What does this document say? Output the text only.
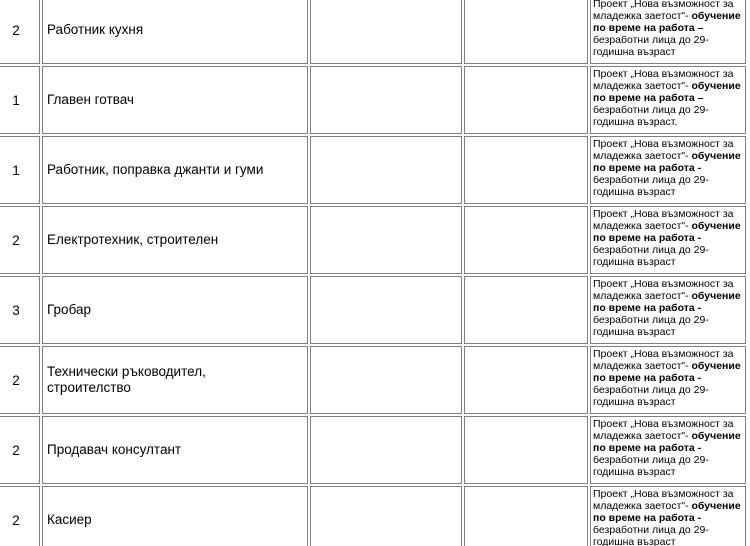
2	Работник кухня			Проект „Нова възможност за младежка заетост"- обучение по време на работа – безработни лица до 29-годишна възраст
1	Главен готвач			Проект „Нова възможност за младежка заетост"- обучение по време на работа – безработни лица до 29-годишна възраст.
1	Работник, поправка джанти и гуми			Проект „Нова възможност за младежка заетост"- обучение по време на работа - безработни лица до 29-годишна възраст
2	Електротехник, строителен			Проект „Нова възможност за младежка заетост"- обучение по време на работа - безработни лица до 29-годишна възраст
3	Гробар			Проект „Нова възможност за младежка заетост"- обучение по време на работа - безработни лица до 29-годишна възраст
2	Технически ръководител, строителство			Проект „Нова възможност за младежка заетост"- обучение по време на работа - безработни лица до 29-годишна възраст
2	Продавач консултант			Проект „Нова възможност за младежка заетост"- обучение по време на работа - безработни лица до 29-годишна възраст
2	Касиер			Проект „Нова възможност за младежка заетост"- обучение по време на работа - безработни лица до 29-годишна възраст
